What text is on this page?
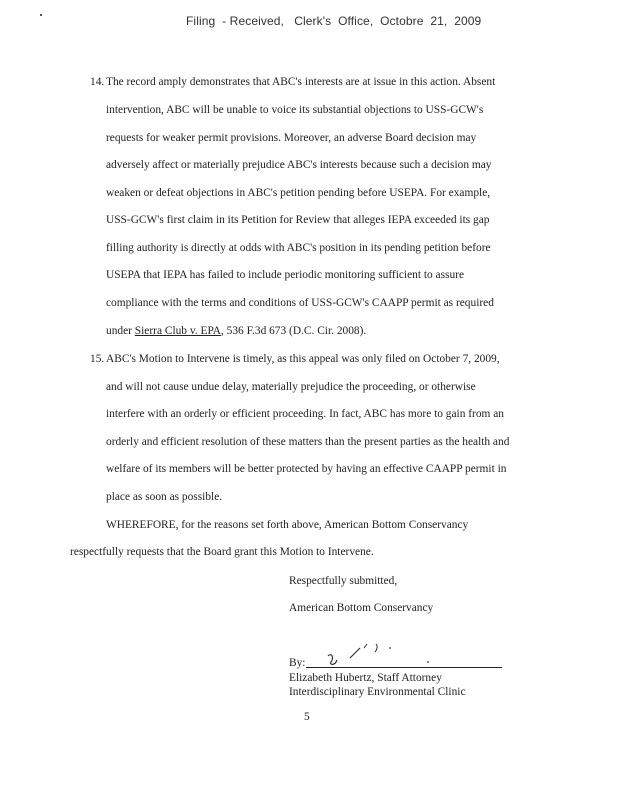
Filing  - Received,   Clerk's  Office,  Octobre  21,  2009
14. The record amply demonstrates that ABC's interests are at issue in this action. Absent
intervention, ABC will be unable to voice its substantial objections to USS-GCW's
requests for weaker permit provisions. Moreover, an adverse Board decision may
adversely affect or materially prejudice ABC's interests because such a decision may
weaken or defeat objections in ABC's petition pending before USEPA. For example,
USS-GCW's first claim in its Petition for Review that alleges IEPA exceeded its gap
filling authority is directly at odds with ABC's position in its pending petition before
USEPA that IEPA has failed to include periodic monitoring sufficient to assure
compliance with the terms and conditions of USS-GCW's CAAPP permit as required
under Sierra Club v. EPA, 536 F.3d 673 (D.C. Cir. 2008).
15. ABC's Motion to Intervene is timely, as this appeal was only filed on October 7, 2009,
and will not cause undue delay, materially prejudice the proceeding, or otherwise
interfere with an orderly or efficient proceeding. In fact, ABC has more to gain from an
orderly and efficient resolution of these matters than the present parties as the health and
welfare of its members will be better protected by having an effective CAAPP permit in
place as soon as possible.
WHEREFORE, for the reasons set forth above, American Bottom Conservancy
respectfully requests that the Board grant this Motion to Intervene.
Respectfully submitted,
American Bottom Conservancy
By:
Elizabeth Hubertz, Staff Attorney
Interdisciplinary Environmental Clinic
5
